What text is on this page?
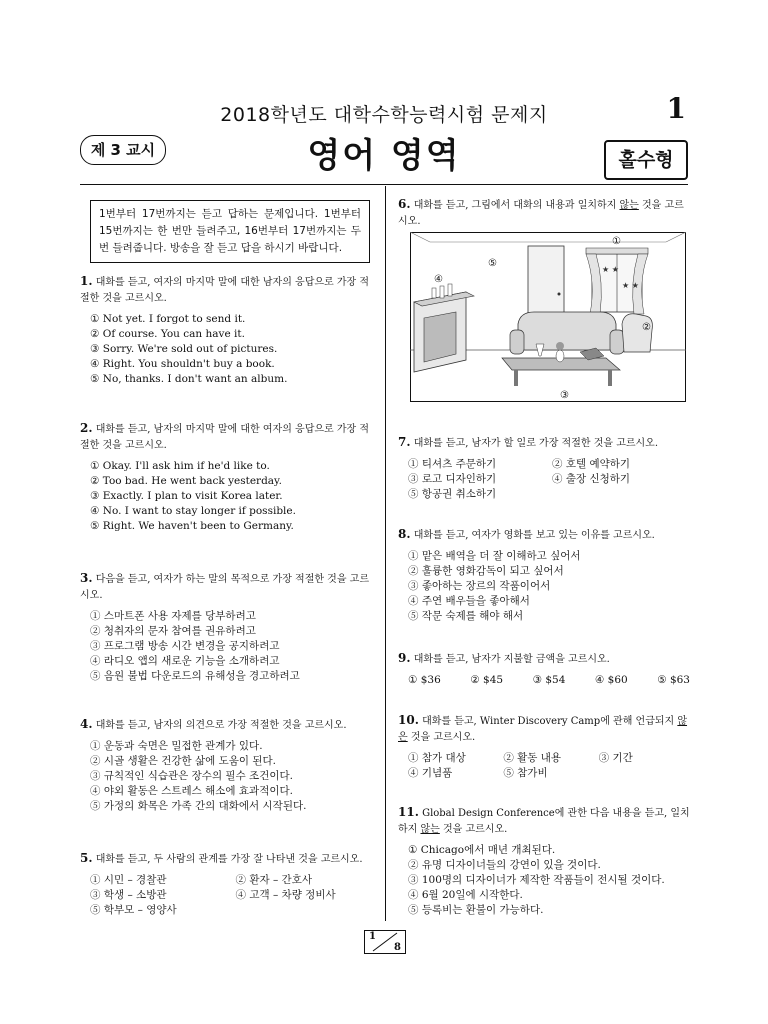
2018학년도 대학수학능력시험 문제지	1
제 3 교시	영어 영역	홀수형
1번부터 17번까지는 듣고 답하는 문제입니다. 1번부터 15번까지는 한 번만 들려주고, 16번부터 17번까지는 두 번 들려줍니다. 방송을 잘 듣고 답을 하시기 바랍니다.

1. 대화를 듣고, 여자의 마지막 말에 대한 남자의 응답으로 가장 적절한 것을 고르시오.

① Not yet. I forgot to send it.
② Of course. You can have it.
③ Sorry. We're sold out of pictures.
④ Right. You shouldn't buy a book.
⑤ No, thanks. I don't want an album.

2. 대화를 듣고, 남자의 마지막 말에 대한 여자의 응답으로 가장 적절한 것을 고르시오.

① Okay. I'll ask him if he'd like to.
② Too bad. He went back yesterday.
③ Exactly. I plan to visit Korea later.
④ No. I want to stay longer if possible.
⑤ Right. We haven't been to Germany.

3. 다음을 듣고, 여자가 하는 말의 목적으로 가장 적절한 것을 고르시오.

① 스마트폰 사용 자제를 당부하려고
② 청취자의 문자 참여를 권유하려고
③ 프로그램 방송 시간 변경을 공지하려고
④ 라디오 앱의 새로운 기능을 소개하려고
⑤ 음원 불법 다운로드의 유해성을 경고하려고

4. 대화를 듣고, 남자의 의견으로 가장 적절한 것을 고르시오.

① 운동과 숙면은 밀접한 관계가 있다.
② 시골 생활은 건강한 삶에 도움이 된다.
③ 규칙적인 식습관은 장수의 필수 조건이다.
④ 야외 활동은 스트레스 해소에 효과적이다.
⑤ 가정의 화목은 가족 간의 대화에서 시작된다.

5. 대화를 듣고, 두 사람의 관계를 가장 잘 나타낸 것을 고르시오.

① 시민 – 경찰관	② 환자 – 간호사
③ 학생 – 소방관	④ 고객 – 차량 정비사
⑤ 학부모 – 영양사

6. 대화를 듣고, 그림에서 대화의 내용과 일치하지 않는 것을 고르시오.

★ ★
★ ★
①
②
③
④
⑤

7. 대화를 듣고, 남자가 할 일로 가장 적절한 것을 고르시오.

① 티셔츠 주문하기	② 호텔 예약하기
③ 로고 디자인하기	④ 출장 신청하기
⑤ 항공권 취소하기

8. 대화를 듣고, 여자가 영화를 보고 있는 이유를 고르시오.

① 맡은 배역을 더 잘 이해하고 싶어서
② 훌륭한 영화감독이 되고 싶어서
③ 좋아하는 장르의 작품이어서
④ 주연 배우들을 좋아해서
⑤ 작문 숙제를 해야 해서

9. 대화를 듣고, 남자가 지불할 금액을 고르시오.

① $36	② $45	③ $54	④ $60	⑤ $63

10. 대화를 듣고, Winter Discovery Camp에 관해 언급되지 않은 것을 고르시오.

① 참가 대상	② 활동 내용	③ 기간
④ 기념품	⑤ 참가비

11. Global Design Conference에 관한 다음 내용을 듣고, 일치하지 않는 것을 고르시오.

① Chicago에서 매년 개최된다.
② 유명 디자이너들의 강연이 있을 것이다.
③ 100명의 디자이너가 제작한 작품들이 전시될 것이다.
④ 6월 20일에 시작한다.
⑤ 등록비는 환불이 가능하다.
1
8
